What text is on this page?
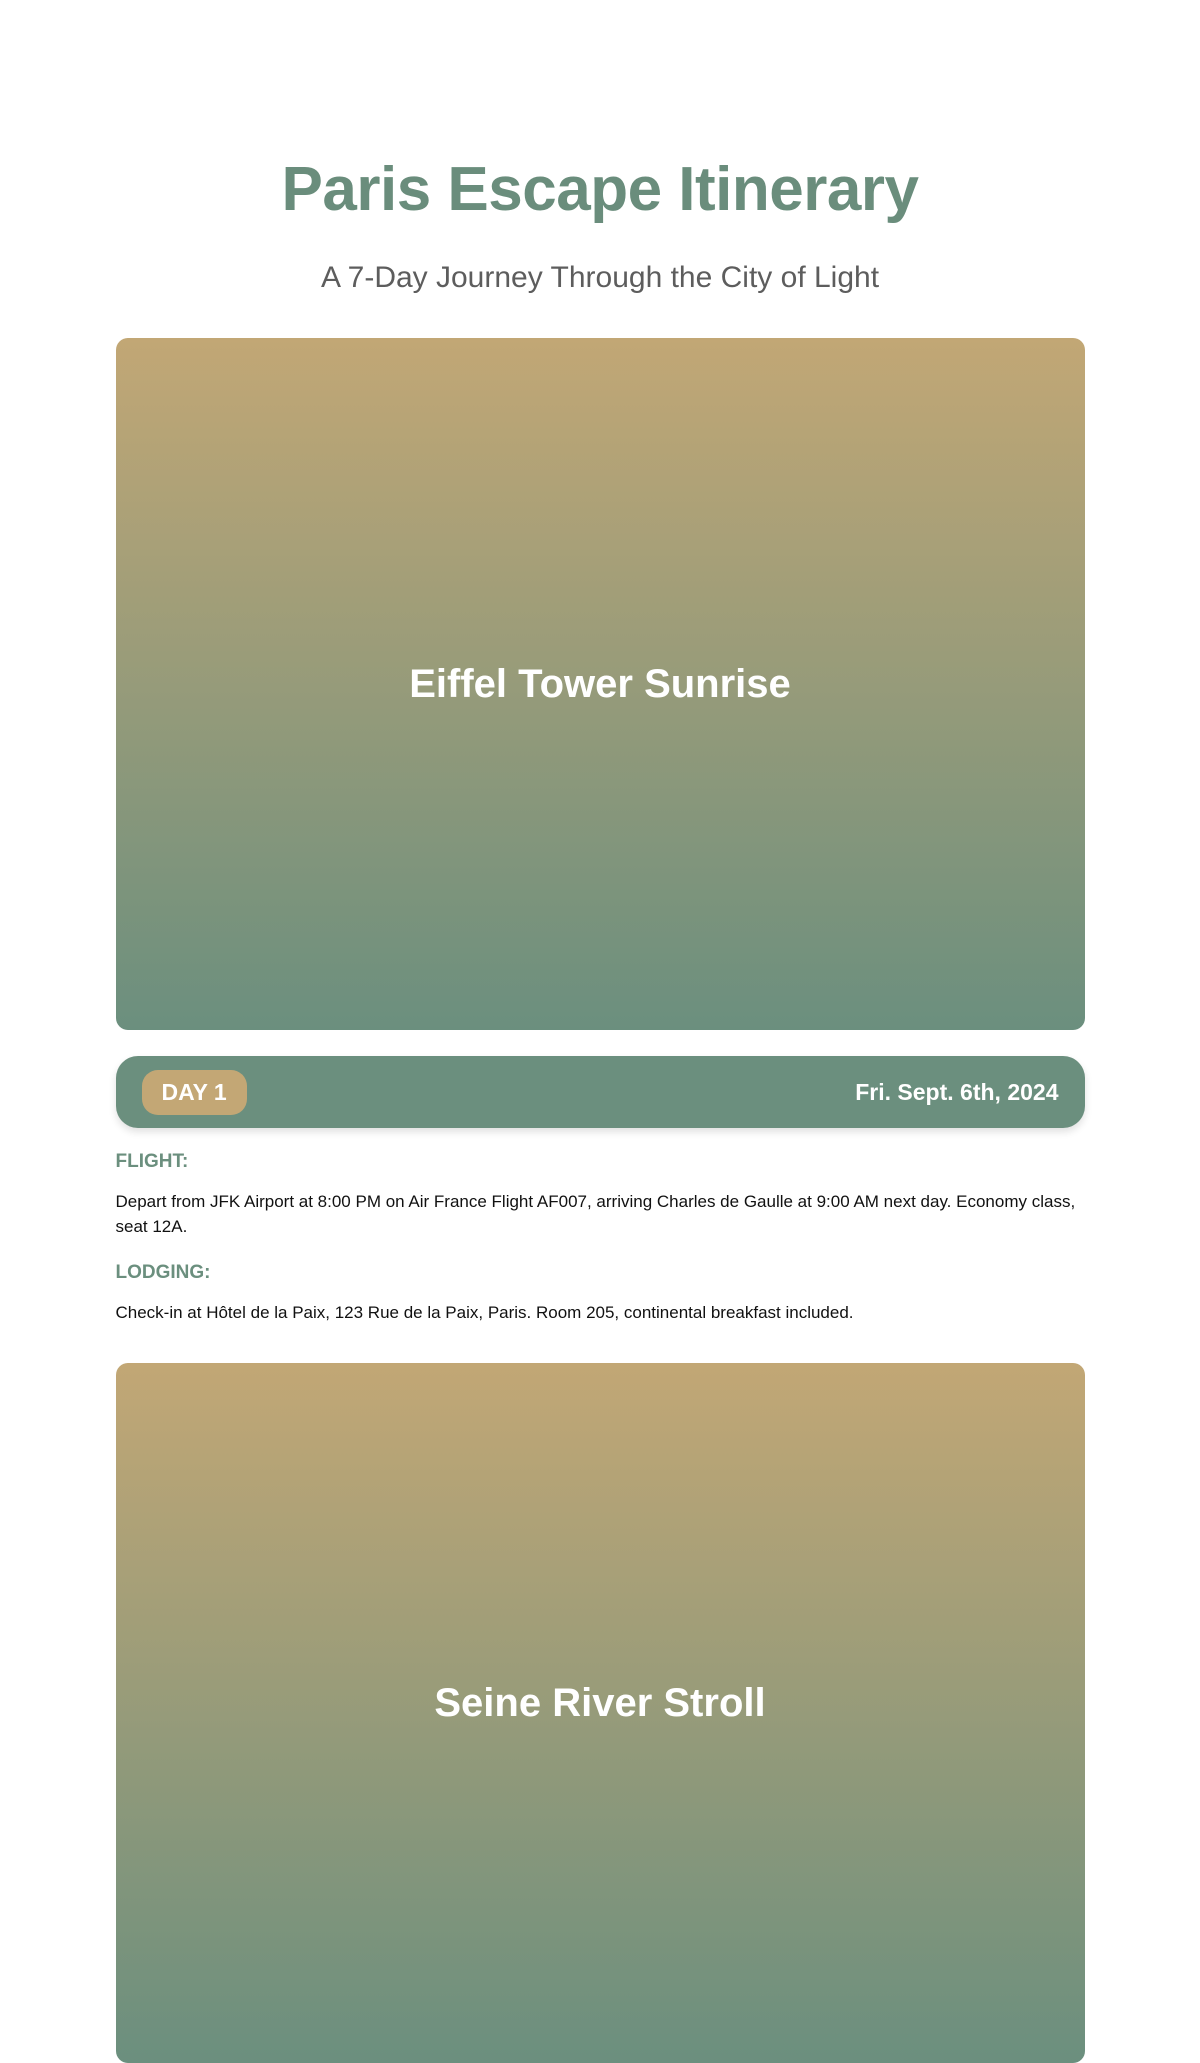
Paris Escape Itinerary

A 7-Day Journey Through the City of Light

Eiffel Tower Sunrise
DAY 1	Fri. Sept. 6th, 2024

FLIGHT:

Depart from JFK Airport at 8:00 PM on Air France Flight AF007, arriving Charles de Gaulle at 9:00 AM next day. Economy class, seat 12A.

LODGING:

Check-in at Hôtel de la Paix, 123 Rue de la Paix, Paris. Room 205, continental breakfast included.

Seine River Stroll
